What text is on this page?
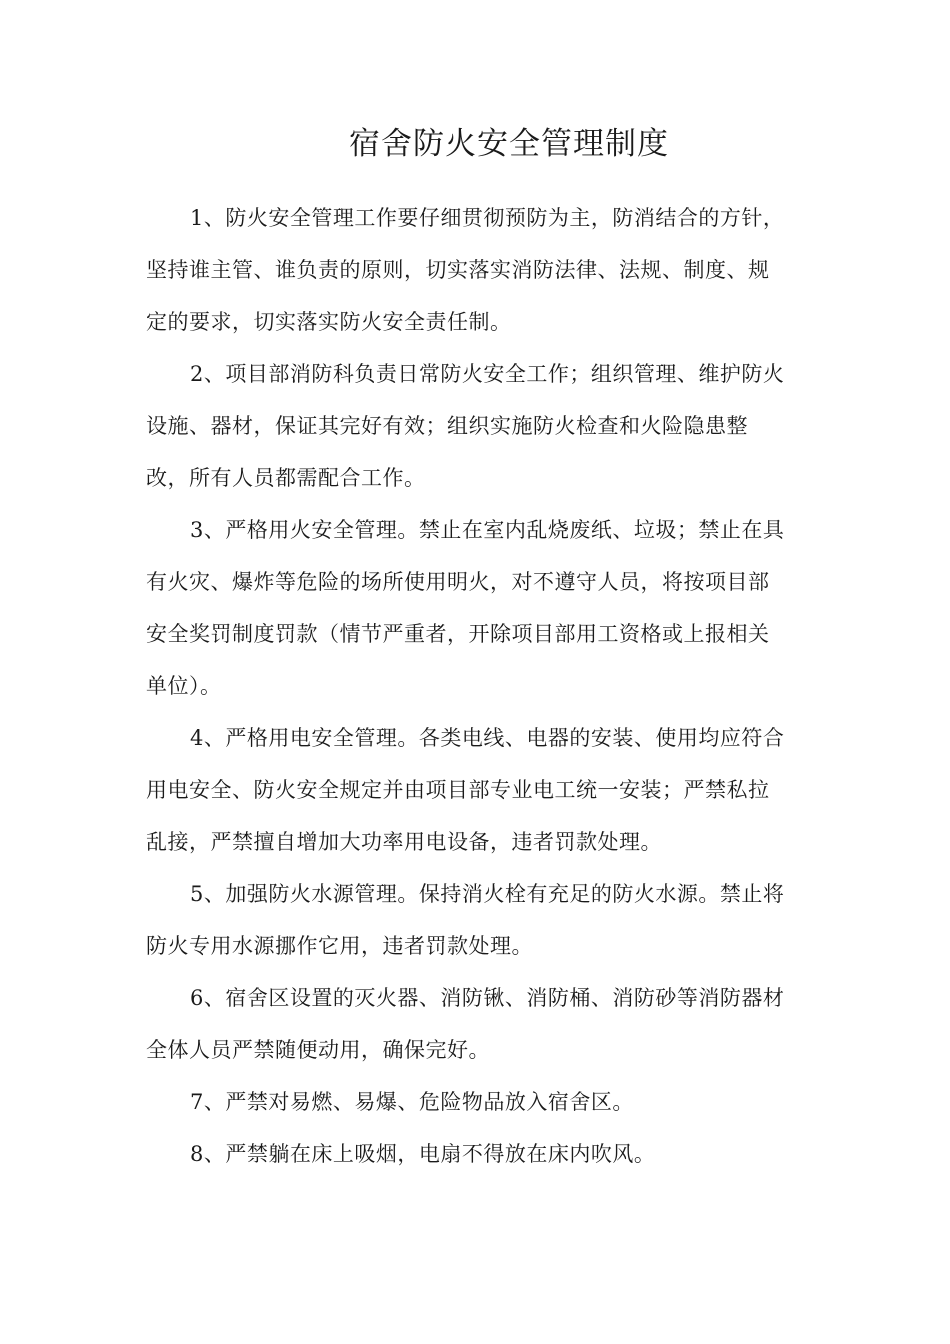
宿舍防火安全管理制度

1、防火安全管理工作要仔细贯彻预防为主，防消结合的方针，
坚持谁主管、谁负责的原则，切实落实消防法律、法规、制度、规
定的要求，切实落实防火安全责任制。

2、项目部消防科负责日常防火安全工作；组织管理、维护防火
设施、器材，保证其完好有效；组织实施防火检查和火险隐患整
改，所有人员都需配合工作。

3、严格用火安全管理。禁止在室内乱烧废纸、垃圾；禁止在具
有火灾、爆炸等危险的场所使用明火，对不遵守人员，将按项目部
安全奖罚制度罚款（情节严重者，开除项目部用工资格或上报相关
单位）。

4、严格用电安全管理。各类电线、电器的安装、使用均应符合
用电安全、防火安全规定并由项目部专业电工统一安装；严禁私拉
乱接，严禁擅自增加大功率用电设备，违者罚款处理。

5、加强防火水源管理。保持消火栓有充足的防火水源。禁止将
防火专用水源挪作它用，违者罚款处理。

6、宿舍区设置的灭火器、消防锹、消防桶、消防砂等消防器材
全体人员严禁随便动用，确保完好。

7、严禁对易燃、易爆、危险物品放入宿舍区。

8、严禁躺在床上吸烟，电扇不得放在床内吹风。
